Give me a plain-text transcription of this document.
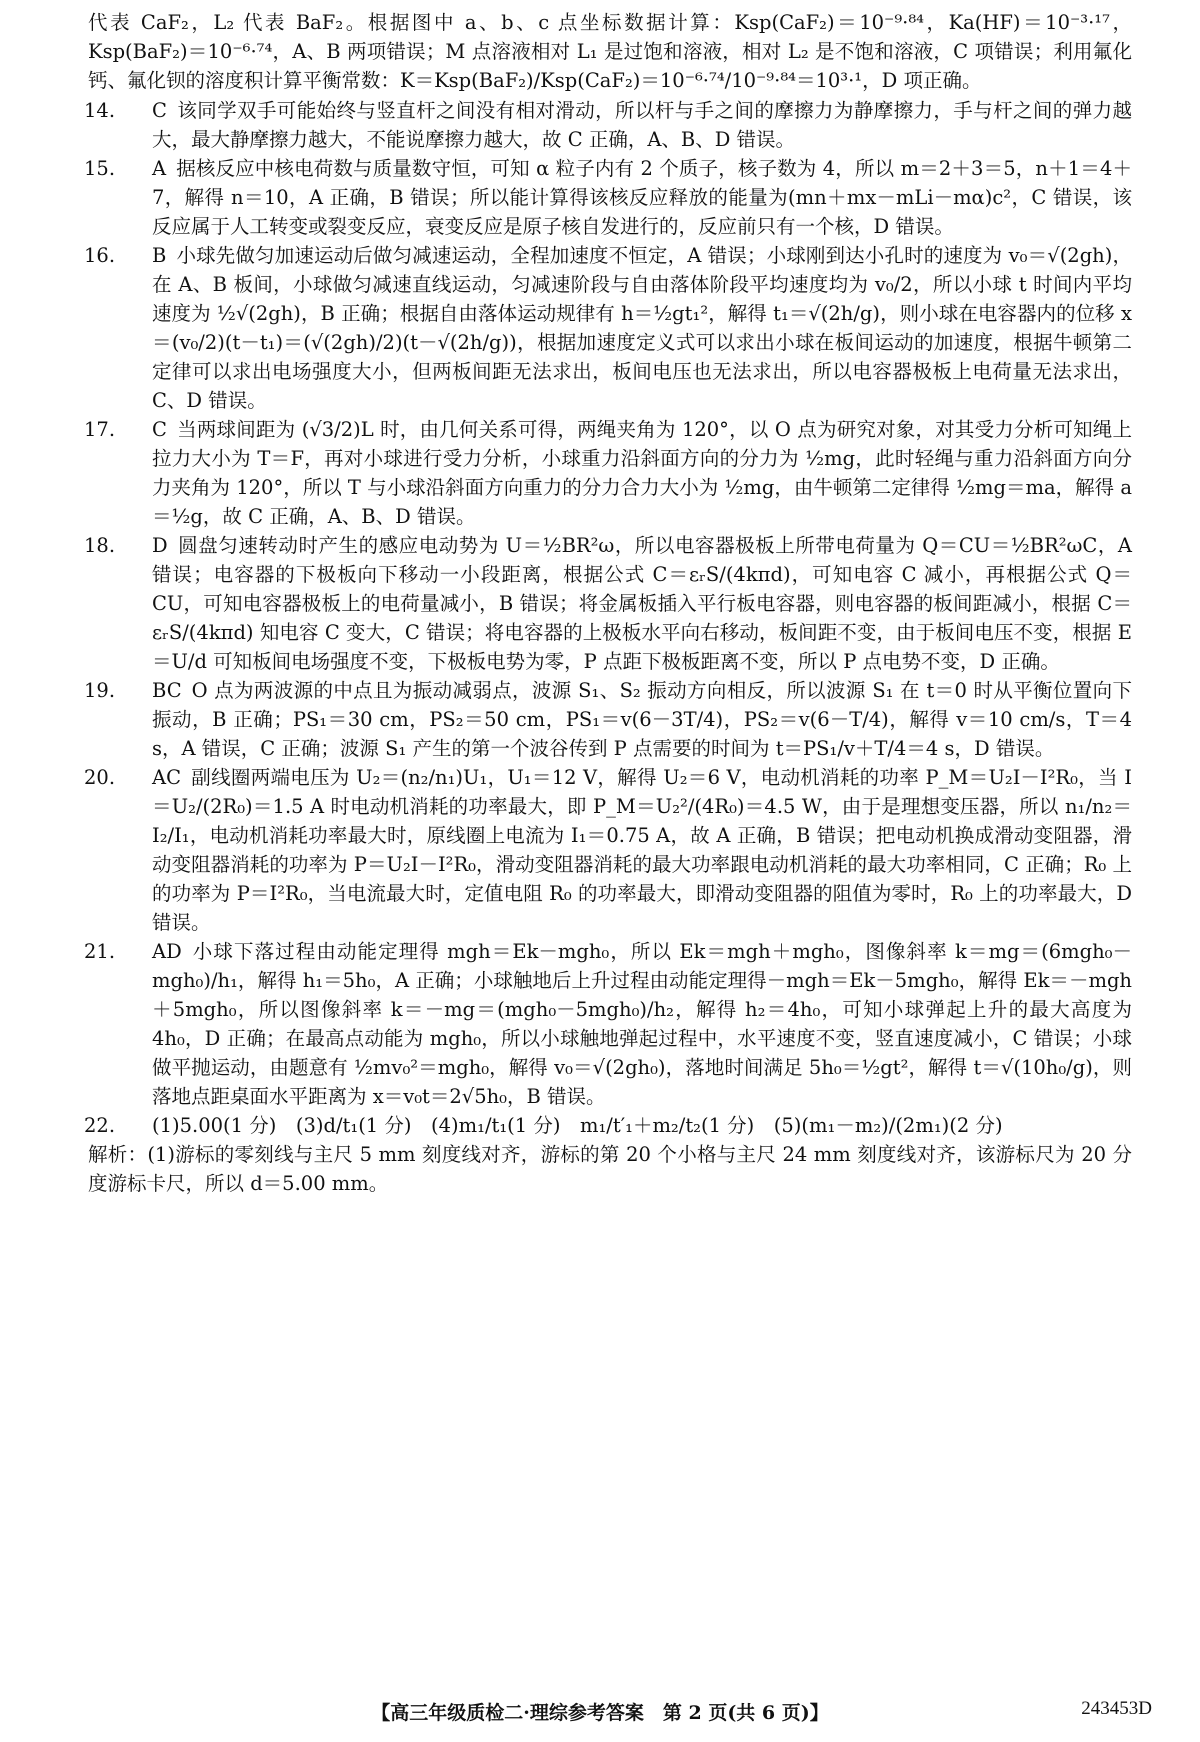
代表 CaF₂，L₂ 代表 BaF₂。根据图中 a、b、c 点坐标数据计算：Ksp(CaF₂)＝10⁻⁹·⁸⁴，Ka(HF)＝10⁻³·¹⁷，Ksp(BaF₂)＝10⁻⁶·⁷⁴，A、B 两项错误；M 点溶液相对 L₁ 是过饱和溶液，相对 L₂ 是不饱和溶液，C 项错误；利用氟化钙、氟化钡的溶度积计算平衡常数：K＝Ksp(BaF₂)/Ksp(CaF₂)＝10⁻⁶·⁷⁴/10⁻⁹·⁸⁴＝10³·¹，D 项正确。

14.	C 该同学双手可能始终与竖直杆之间没有相对滑动，所以杆与手之间的摩擦力为静摩擦力，手与杆之间的弹力越大，最大静摩擦力越大，不能说摩擦力越大，故 C 正确，A、B、D 错误。
15.	A 据核反应中核电荷数与质量数守恒，可知 α 粒子内有 2 个质子，核子数为 4，所以 m＝2＋3＝5，n＋1＝4＋7，解得 n＝10，A 正确，B 错误；所以能计算得该核反应释放的能量为(mn＋mx－mLi－mα)c²，C 错误，该反应属于人工转变或裂变反应，衰变反应是原子核自发进行的，反应前只有一个核，D 错误。
16.	B 小球先做匀加速运动后做匀减速运动，全程加速度不恒定，A 错误；小球刚到达小孔时的速度为 v₀＝√(2gh)，在 A、B 板间，小球做匀减速直线运动，匀减速阶段与自由落体阶段平均速度均为 v₀/2，所以小球 t 时间内平均速度为 ½√(2gh)，B 正确；根据自由落体运动规律有 h＝½gt₁²，解得 t₁＝√(2h/g)，则小球在电容器内的位移 x＝(v₀/2)(t－t₁)＝(√(2gh)/2)(t－√(2h/g))，根据加速度定义式可以求出小球在板间运动的加速度，根据牛顿第二定律可以求出电场强度大小，但两板间距无法求出，板间电压也无法求出，所以电容器极板上电荷量无法求出，C、D 错误。
17.	C 当两球间距为 (√3/2)L 时，由几何关系可得，两绳夹角为 120°，以 O 点为研究对象，对其受力分析可知绳上拉力大小为 T＝F，再对小球进行受力分析，小球重力沿斜面方向的分力为 ½mg，此时轻绳与重力沿斜面方向分力夹角为 120°，所以 T 与小球沿斜面方向重力的分力合力大小为 ½mg，由牛顿第二定律得 ½mg＝ma，解得 a＝½g，故 C 正确，A、B、D 错误。
18.	D 圆盘匀速转动时产生的感应电动势为 U＝½BR²ω，所以电容器极板上所带电荷量为 Q＝CU＝½BR²ωC，A 错误；电容器的下极板向下移动一小段距离，根据公式 C＝εᵣS/(4kπd)，可知电容 C 减小，再根据公式 Q＝CU，可知电容器极板上的电荷量减小，B 错误；将金属板插入平行板电容器，则电容器的板间距减小，根据 C＝εᵣS/(4kπd) 知电容 C 变大，C 错误；将电容器的上极板水平向右移动，板间距不变，由于板间电压不变，根据 E＝U/d 可知板间电场强度不变，下极板电势为零，P 点距下极板距离不变，所以 P 点电势不变，D 正确。
19.	BC O 点为两波源的中点且为振动减弱点，波源 S₁、S₂ 振动方向相反，所以波源 S₁ 在 t＝0 时从平衡位置向下振动，B 正确；PS₁＝30 cm，PS₂＝50 cm，PS₁＝v(6－3T/4)，PS₂＝v(6－T/4)，解得 v＝10 cm/s，T＝4 s，A 错误，C 正确；波源 S₁ 产生的第一个波谷传到 P 点需要的时间为 t＝PS₁/v＋T/4＝4 s，D 错误。
20.	AC 副线圈两端电压为 U₂＝(n₂/n₁)U₁，U₁＝12 V，解得 U₂＝6 V，电动机消耗的功率 P_M＝U₂I－I²R₀，当 I＝U₂/(2R₀)＝1.5 A 时电动机消耗的功率最大，即 P_M＝U₂²/(4R₀)＝4.5 W，由于是理想变压器，所以 n₁/n₂＝I₂/I₁，电动机消耗功率最大时，原线圈上电流为 I₁＝0.75 A，故 A 正确，B 错误；把电动机换成滑动变阻器，滑动变阻器消耗的功率为 P＝U₂I－I²R₀，滑动变阻器消耗的最大功率跟电动机消耗的最大功率相同，C 正确；R₀ 上的功率为 P＝I²R₀，当电流最大时，定值电阻 R₀ 的功率最大，即滑动变阻器的阻值为零时，R₀ 上的功率最大，D 错误。
21.	AD 小球下落过程由动能定理得 mgh＝Ek－mgh₀，所以 Ek＝mgh＋mgh₀，图像斜率 k＝mg＝(6mgh₀－mgh₀)/h₁，解得 h₁＝5h₀，A 正确；小球触地后上升过程由动能定理得－mgh＝Ek－5mgh₀，解得 Ek＝－mgh＋5mgh₀，所以图像斜率 k＝－mg＝(mgh₀－5mgh₀)/h₂，解得 h₂＝4h₀，可知小球弹起上升的最大高度为 4h₀，D 正确；在最高点动能为 mgh₀，所以小球触地弹起过程中，水平速度不变，竖直速度减小，C 错误；小球做平抛运动，由题意有 ½mv₀²＝mgh₀，解得 v₀＝√(2gh₀)，落地时间满足 5h₀＝½gt²，解得 t＝√(10h₀/g)，则落地点距桌面水平距离为 x＝v₀t＝2√5h₀，B 错误。
22.	(1)5.00(1 分)　(3)d/t₁(1 分)　(4)m₁/t₁(1 分)　m₁/t′₁＋m₂/t₂(1 分)　(5)(m₁－m₂)/(2m₁)(2 分)

解析：(1)游标的零刻线与主尺 5 mm 刻度线对齐，游标的第 20 个小格与主尺 24 mm 刻度线对齐，该游标尺为 20 分度游标卡尺，所以 d＝5.00 mm。

【高三年级质检二·理综参考答案　第 2 页(共 6 页)】	243453D
